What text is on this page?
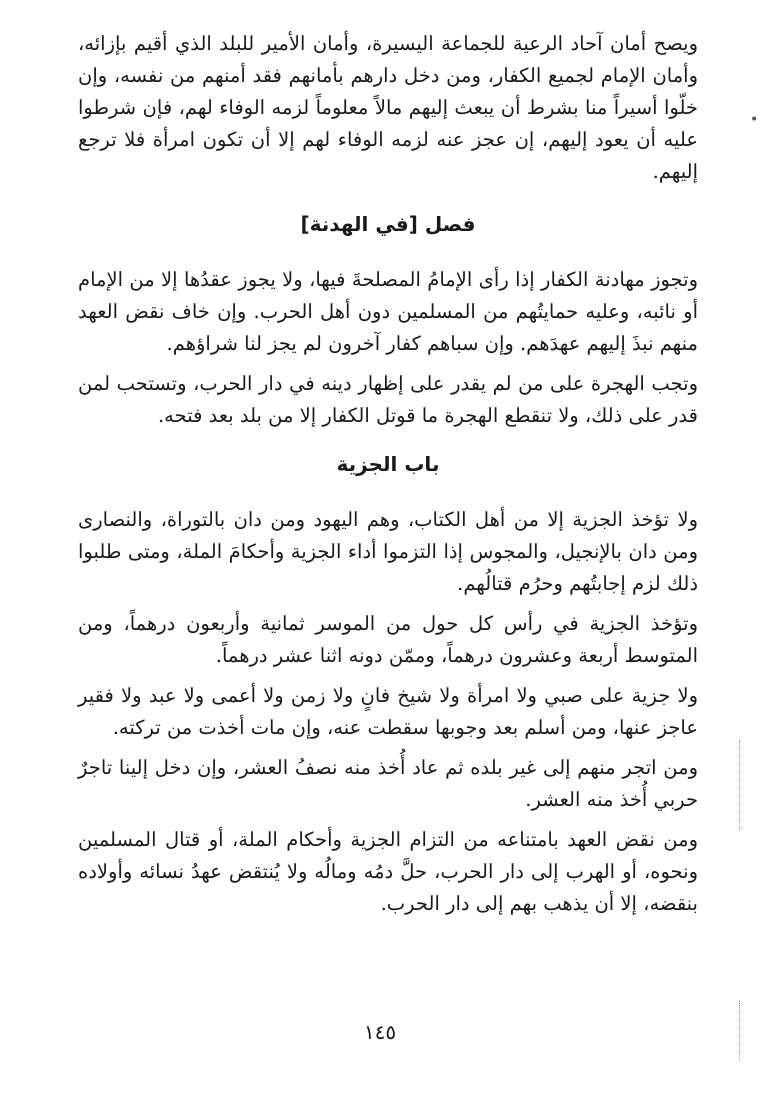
ويصح أمان آحاد الرعية للجماعة اليسيرة، وأمان الأمير للبلد الذي أقيم بإزائه، وأمان الإمام لجميع الكفار، ومن دخل دارهم بأمانهم فقد أمنهم من نفسه، وإن خلّوا أسيراً منا بشرط أن يبعث إليهم مالاً معلوماً لزمه الوفاء لهم، فإن شرطوا عليه أن يعود إليهم، إن عجز عنه لزمه الوفاء لهم إلا أن تكون امرأة فلا ترجع إليهم.

فصل [في الهدنة]

وتجوز مهادنة الكفار إذا رأى الإمامُ المصلحةَ فيها، ولا يجوز عقدُها إلا من الإمام أو نائبه، وعليه حمايتُهم من المسلمين دون أهل الحرب. وإن خاف نقض العهد منهم نبذَ إليهم عهدَهم. وإن سباهم كفار آخرون لم يجز لنا شراؤهم.

وتجب الهجرة على من لم يقدر على إظهار دينه في دار الحرب، وتستحب لمن قدر على ذلك، ولا تنقطع الهجرة ما قوتل الكفار إلا من بلد بعد فتحه.

باب الجزية

ولا تؤخذ الجزية إلا من أهل الكتاب، وهم اليهود ومن دان بالتوراة، والنصارى ومن دان بالإنجيل، والمجوس إذا التزموا أداء الجزية وأحكامَ الملة، ومتى طلبوا ذلك لزم إجابتُهم وحرُم قتالُهم.

وتؤخذ الجزية في رأس كل حول من الموسر ثمانية وأربعون درهماً، ومن المتوسط أربعة وعشرون درهماً، وممّن دونه اثنا عشر درهماً.

ولا جزية على صبي ولا امرأة ولا شيخ فانٍ ولا زمن ولا أعمى ولا عبد ولا فقير عاجز عنها، ومن أسلم بعد وجوبها سقطت عنه، وإن مات أخذت من تركته.

ومن اتجر منهم إلى غير بلده ثم عاد أُخذ منه نصفُ العشر، وإن دخل إلينا تاجرٌ حربي أُخذ منه العشر.

ومن نقض العهد بامتناعه من التزام الجزية وأحكام الملة، أو قتال المسلمين ونحوه، أو الهرب إلى دار الحرب، حلَّ دمُه ومالُه ولا يُنتقض عهدُ نسائه وأولاده بنقضه، إلا أن يذهب بهم إلى دار الحرب.

١٤٥
•
